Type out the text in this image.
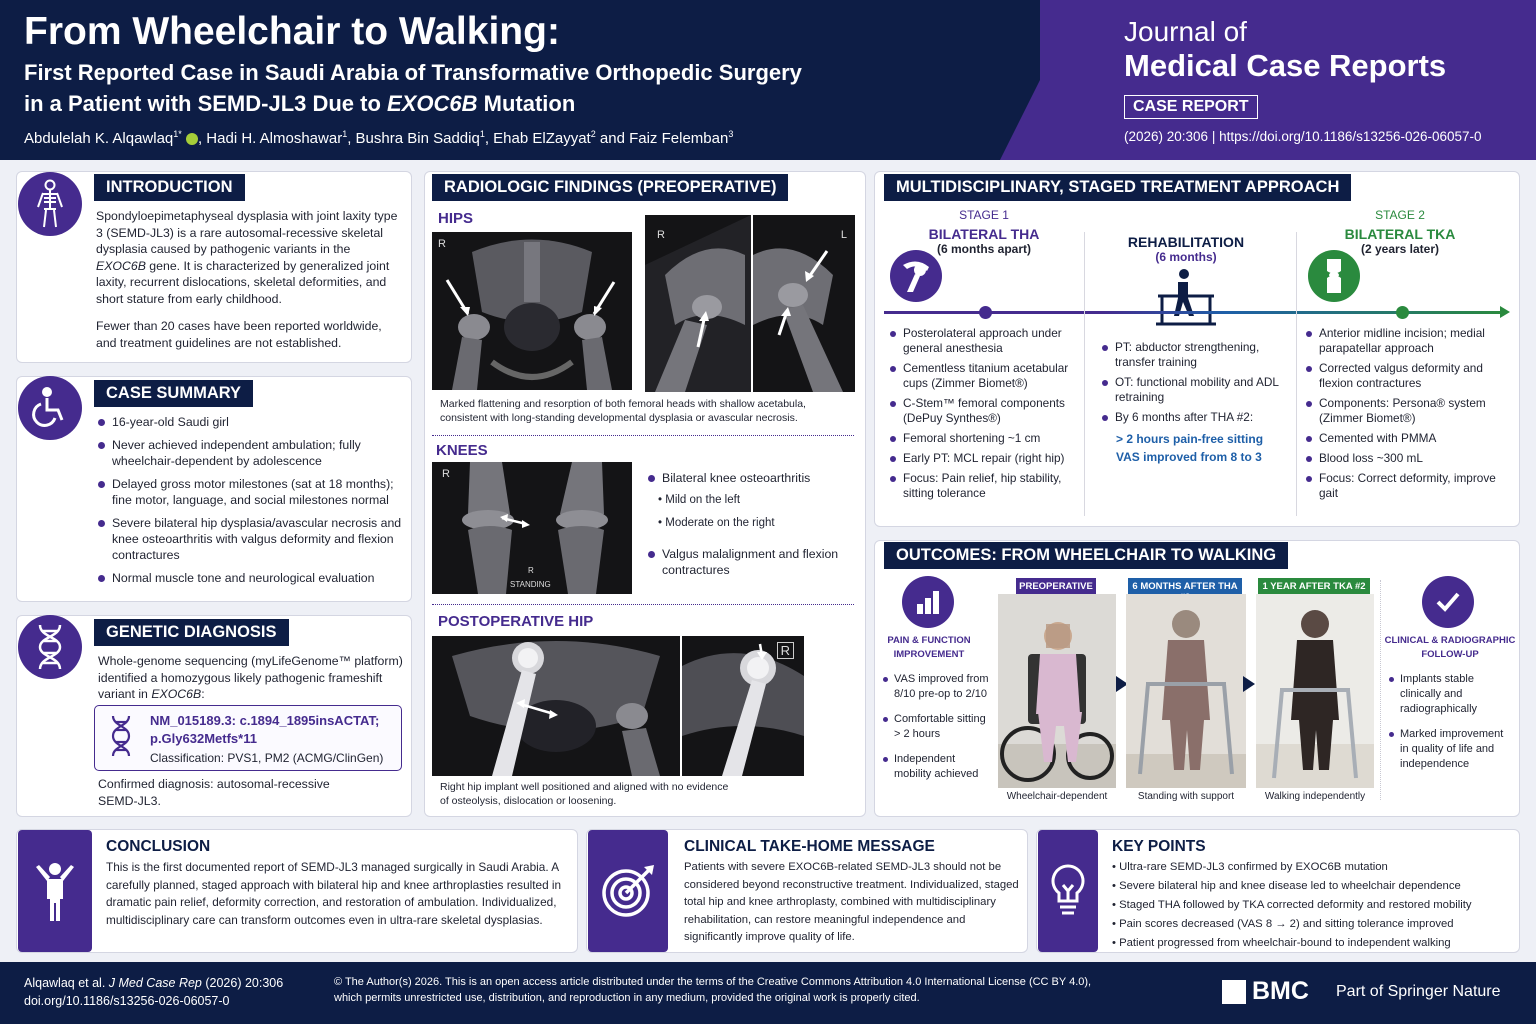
From Wheelchair to Walking:
First Reported Case in Saudi Arabia of Transformative Orthopedic Surgery
in a Patient with SEMD-JL3 Due to EXOC6B Mutation
Abdulelah K. Alqawlaq$^{1*}$ , Hadi H. Almoshawar$^1$, Bushra Bin Saddiq$^1$, Ehab ElZayyat$^2$ and Faiz Felemban$^3$
Journal of
Medical Case Reports
CASE REPORT
(2026) 20:306 | https://doi.org/10.1186/s13256-026-06057-0
INTRODUCTION
Spondyloepimetaphyseal dysplasia with joint laxity type 3 (SEMD-JL3) is a rare autosomal-recessive skeletal dysplasia caused by pathogenic variants in the EXOC6B gene. It is characterized by generalized joint laxity, recurrent dislocations, skeletal deformities, and short stature from early childhood.
Fewer than 20 cases have been reported worldwide, and treatment guidelines are not established.
CASE SUMMARY
16-year-old Saudi girl
Never achieved independent ambulation; fully wheelchair-dependent by adolescence
Delayed gross motor milestones (sat at 18 months); fine motor, language, and social milestones normal
Severe bilateral hip dysplasia/avascular necrosis and knee osteoarthritis with valgus deformity and flexion contractures
Normal muscle tone and neurological evaluation
GENETIC DIAGNOSIS
Whole-genome sequencing (myLifeGenome™ platform) identified a homozygous likely pathogenic frameshift variant in EXOC6B:
NM_015189.3: c.1894_1895insACTAT;
p.Gly632Metfs*11
Classification: PVS1, PM2 (ACMG/ClinGen)
Confirmed diagnosis: autosomal-recessive SEMD-JL3.
RADIOLOGIC FINDINGS (PREOPERATIVE)
HIPS
R
R	L
Marked flattening and resorption of both femoral heads with shallow acetabula, consistent with long-standing developmental dysplasia or avascular necrosis.
KNEES
R
R
STANDING
Bilateral knee osteoarthritis
• Mild on the left
• Moderate on the right
Valgus malalignment and flexion contractures
POSTOPERATIVE HIP
R
Right hip implant well positioned and aligned with no evidence of osteolysis, dislocation or loosening.
MULTIDISCIPLINARY, STAGED TREATMENT APPROACH
STAGE 1
BILATERAL THA
(6 months apart)	REHABILITATION
(6 months)
STAGE 2
BILATERAL TKA
(2 years later)
Posterolateral approach under general anesthesia
Cementless titanium acetabular cups (Zimmer Biomet®)
C-Stem™ femoral components (DePuy Synthes®)
Femoral shortening ~1 cm
Early PT: MCL repair (right hip)
Focus: Pain relief, hip stability, sitting tolerance
PT: abductor strengthening, transfer training
OT: functional mobility and ADL retraining
By 6 months after THA #2:
> 2 hours pain-free sitting
VAS improved from 8 to 3
Anterior midline incision; medial parapatellar approach
Corrected valgus deformity and flexion contractures
Components: Persona® system (Zimmer Biomet®)
Cemented with PMMA
Blood loss ~300 mL
Focus: Correct deformity, improve gait
OUTCOMES: FROM WHEELCHAIR TO WALKING
PAIN & FUNCTION IMPROVEMENT
VAS improved from 8/10 pre-op to 2/10
Comfortable sitting > 2 hours
Independent mobility achieved
PREOPERATIVE
Wheelchair-dependent
6 MONTHS AFTER THA
Standing with support
1 YEAR AFTER TKA #2
Walking independently
CLINICAL & RADIOGRAPHIC FOLLOW-UP
Implants stable clinically and radiographically
Marked improvement in quality of life and independence
CONCLUSION
This is the first documented report of SEMD-JL3 managed surgically in Saudi Arabia. A carefully planned, staged approach with bilateral hip and knee arthroplasties resulted in dramatic pain relief, deformity correction, and restoration of ambulation. Individualized, multidisciplinary care can transform outcomes even in ultra-rare skeletal dysplasias.
CLINICAL TAKE-HOME MESSAGE
Patients with severe EXOC6B-related SEMD-JL3 should not be considered beyond reconstructive treatment. Individualized, staged total hip and knee arthroplasty, combined with multidisciplinary rehabilitation, can restore meaningful independence and significantly improve quality of life.
KEY POINTS
• Ultra-rare SEMD-JL3 confirmed by EXOC6B mutation
• Severe bilateral hip and knee disease led to wheelchair dependence
• Staged THA followed by TKA corrected deformity and restored mobility
• Pain scores decreased (VAS 8 → 2) and sitting tolerance improved
• Patient progressed from wheelchair-bound to independent walking
Alqawlaq et al. J Med Case Rep (2026) 20:306
doi.org/10.1186/s13256-026-06057-0
© The Author(s) 2026. This is an open access article distributed under the terms of the Creative Commons Attribution 4.0 International License (CC BY 4.0), which permits unrestricted use, distribution, and reproduction in any medium, provided the original work is properly cited.	BMC Part of Springer Nature
